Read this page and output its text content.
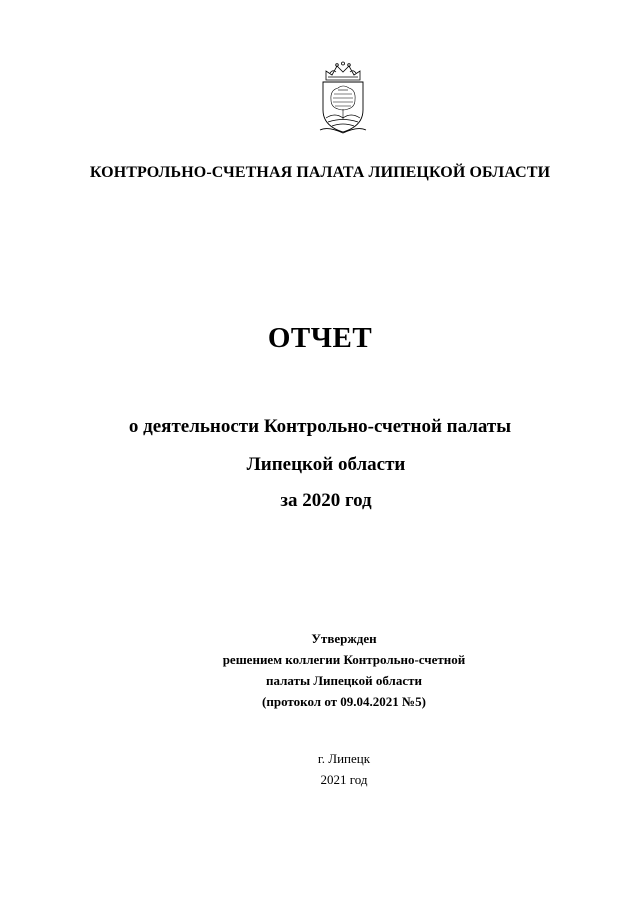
КОНТРОЛЬНО-СЧЕТНАЯ ПАЛАТА ЛИПЕЦКОЙ ОБЛАСТИ
ОТЧЕТ
о деятельности Контрольно-счетной палаты
Липецкой области
за 2020 год
Утвержден
решением коллегии Контрольно-счетной
палаты Липецкой области
(протокол от 09.04.2021 №5)
г. Липецк
2021 год
